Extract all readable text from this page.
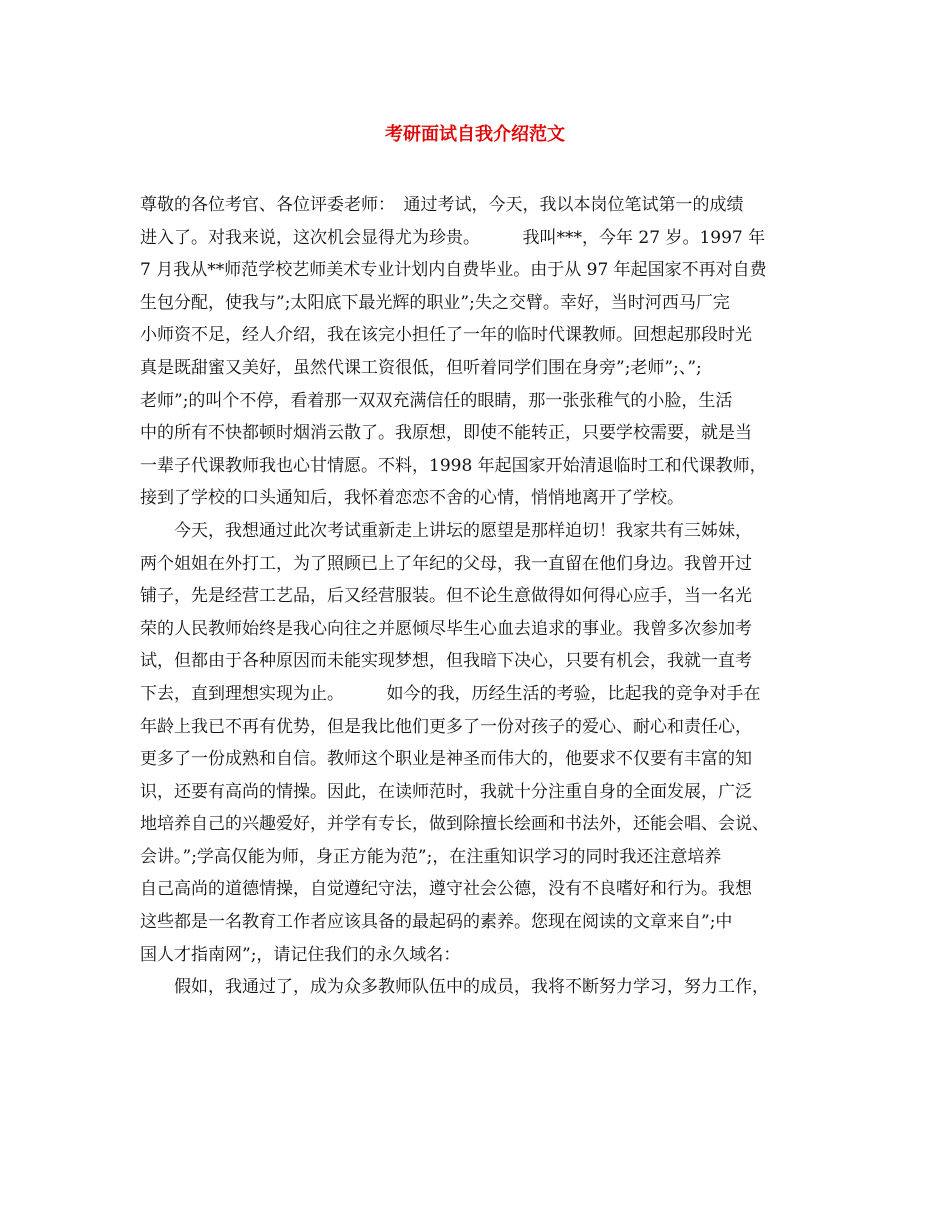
考研面试自我介绍范文
尊敬的各位考官、各位评委老师：　通过考试，今天，我以本岗位笔试第一的成绩
进入了。对我来说，这次机会显得尤为珍贵。　　　我叫***，今年 27 岁。1997 年
7 月我从**师范学校艺师美术专业计划内自费毕业。由于从 97 年起国家不再对自费
生包分配，使我与”;太阳底下最光辉的职业”;失之交臂。幸好，当时河西马厂完
小师资不足，经人介绍，我在该完小担任了一年的临时代课教师。回想起那段时光
真是既甜蜜又美好，虽然代课工资很低，但听着同学们围在身旁”;老师”;、”;
老师”;的叫个不停，看着那一双双充满信任的眼睛，那一张张稚气的小脸，生活
中的所有不快都顿时烟消云散了。我原想，即使不能转正，只要学校需要，就是当
一辈子代课教师我也心甘情愿。不料，1998 年起国家开始清退临时工和代课教师，
接到了学校的口头通知后，我怀着恋恋不舍的心情，悄悄地离开了学校。
　　今天，我想通过此次考试重新走上讲坛的愿望是那样迫切！我家共有三姊妹，
两个姐姐在外打工，为了照顾已上了年纪的父母，我一直留在他们身边。我曾开过
铺子，先是经营工艺品，后又经营服装。但不论生意做得如何得心应手，当一名光
荣的人民教师始终是我心向往之并愿倾尽毕生心血去追求的事业。我曾多次参加考
试，但都由于各种原因而未能实现梦想，但我暗下决心，只要有机会，我就一直考
下去，直到理想实现为止。　　　如今的我，历经生活的考验，比起我的竞争对手在
年龄上我已不再有优势，但是我比他们更多了一份对孩子的爱心、耐心和责任心，
更多了一份成熟和自信。教师这个职业是神圣而伟大的，他要求不仅要有丰富的知
识，还要有高尚的情操。因此，在读师范时，我就十分注重自身的全面发展，广泛
地培养自己的兴趣爱好，并学有专长，做到除擅长绘画和书法外，还能会唱、会说、
会讲。”;学高仅能为师，身正方能为范”;，在注重知识学习的同时我还注意培养
自己高尚的道德情操，自觉遵纪守法，遵守社会公德，没有不良嗜好和行为。我想
这些都是一名教育工作者应该具备的最起码的素养。您现在阅读的文章来自”;中
国人才指南网”;，请记住我们的永久域名：
　　假如，我通过了，成为众多教师队伍中的成员，我将不断努力学习，努力工作，
